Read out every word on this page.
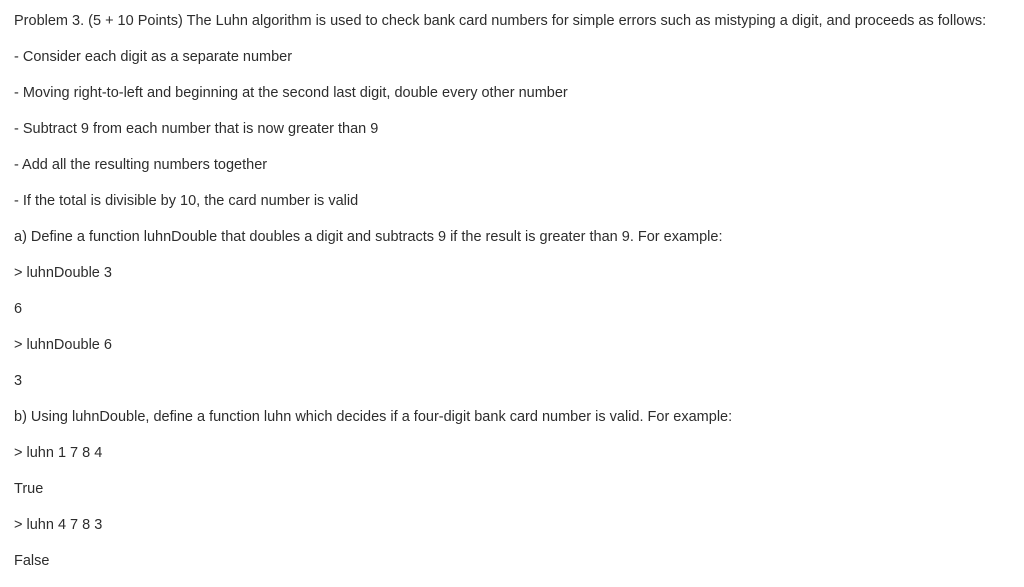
Problem 3. (5 + 10 Points) The Luhn algorithm is used to check bank card numbers for simple errors such as mistyping a digit, and proceeds as follows:
- Consider each digit as a separate number
- Moving right-to-left and beginning at the second last digit, double every other number
- Subtract 9 from each number that is now greater than 9
- Add all the resulting numbers together
- If the total is divisible by 10, the card number is valid
a) Define a function luhnDouble that doubles a digit and subtracts 9 if the result is greater than 9. For example:
> luhnDouble 3
6
> luhnDouble 6
3
b) Using luhnDouble, define a function luhn which decides if a four-digit bank card number is valid. For example:
> luhn 1 7 8 4
True
> luhn 4 7 8 3
False
